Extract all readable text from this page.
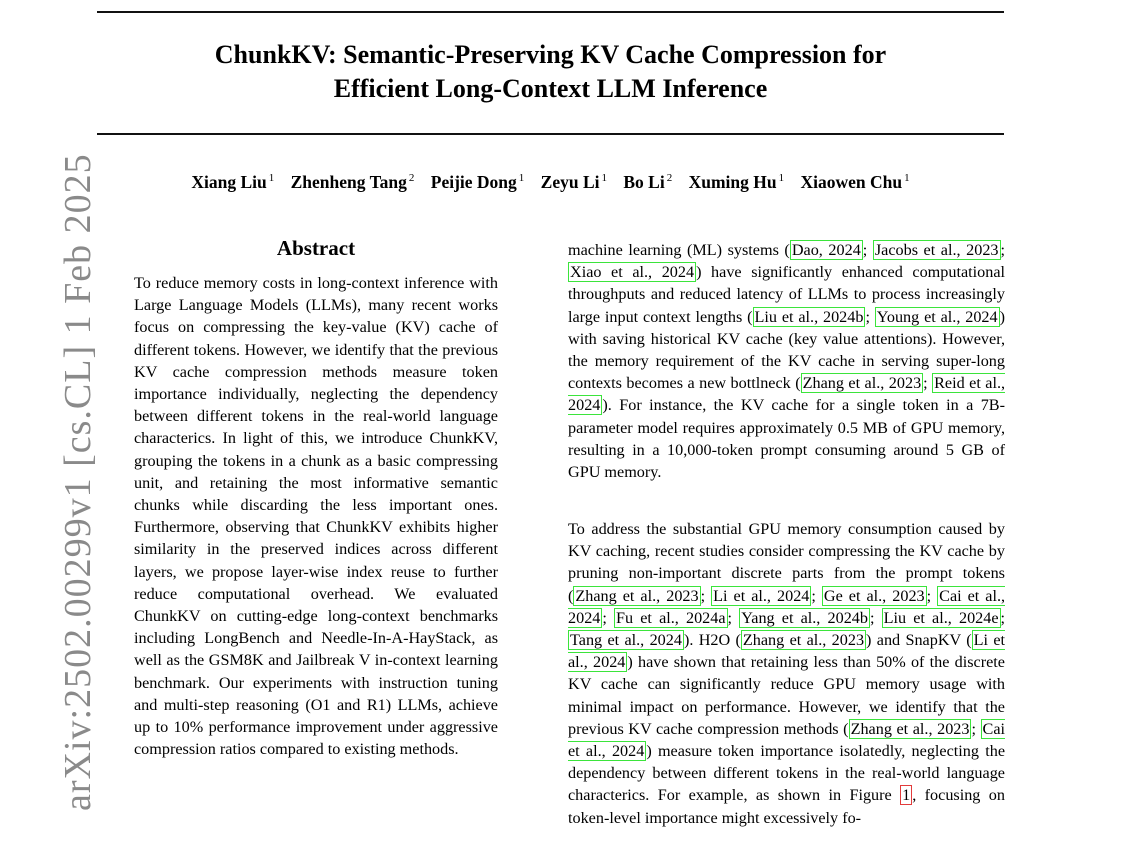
ChunkKV: Semantic-Preserving KV Cache Compression for
Efficient Long-Context LLM Inference
Xiang Liu $^1$ Zhenheng Tang $^2$ Peijie Dong $^1$ Zeyu Li $^1$ Bo Li $^2$ Xuming Hu $^1$ Xiaowen Chu $^1$
arXiv:2502.00299v1 [cs.CL] 1 Feb 2025	Abstract
To reduce memory costs in long-context inference with Large Language Models (LLMs), many recent works focus on compressing the key-value (KV) cache of different tokens. However, we identify that the previous KV cache compression methods measure token importance individually, neglecting the dependency between different tokens in the real-world language characterics. In light of this, we introduce ChunkKV, grouping the tokens in a chunk as a basic compressing unit, and retaining the most informative semantic chunks while discarding the less important ones. Furthermore, observing that ChunkKV exhibits higher similarity in the preserved indices across different layers, we propose layer-wise index reuse to further reduce computational overhead. We evaluated ChunkKV on cutting-edge long-context benchmarks including LongBench and Needle-In-A-HayStack, as well as the GSM8K and Jailbreak V in-context learning benchmark. Our experiments with instruction tuning and multi-step reasoning (O1 and R1) LLMs, achieve up to 10% performance improvement under aggressive compression ratios compared to existing methods.
machine learning (ML) systems ( Dao, 2024 ; Jacobs et al., 2023 ; Xiao et al., 2024 ) have significantly enhanced computational throughputs and reduced latency of LLMs to process increasingly large input context lengths ( Liu et al., 2024b ; Young et al., 2024 ) with saving historical KV cache (key value attentions). However, the memory requirement of the KV cache in serving super-long contexts becomes a new bottlneck ( Zhang et al., 2023 ; Reid et al., 2024 ). For instance, the KV cache for a single token in a 7B-parameter model requires approximately 0.5 MB of GPU memory, resulting in a 10,000-token prompt consuming around 5 GB of GPU memory.
To address the substantial GPU memory consumption caused by KV caching, recent studies consider compressing the KV cache by pruning non-important discrete parts from the prompt tokens ( Zhang et al., 2023 ; Li et al., 2024 ; Ge et al., 2023 ; Cai et al., 2024 ; Fu et al., 2024a ; Yang et al., 2024b ; Liu et al., 2024e ; Tang et al., 2024 ). H2O ( Zhang et al., 2023 ) and SnapKV ( Li et al., 2024 ) have shown that retaining less than 50% of the discrete KV cache can significantly reduce GPU memory usage with minimal impact on performance. However, we identify that the previous KV cache compression methods ( Zhang et al., 2023 ; Cai et al., 2024 ) measure token importance isolatedly, neglecting the dependency between different tokens in the real-world language characterics. For example, as shown in Figure 1 , focusing on token-level importance might excessively fo-
